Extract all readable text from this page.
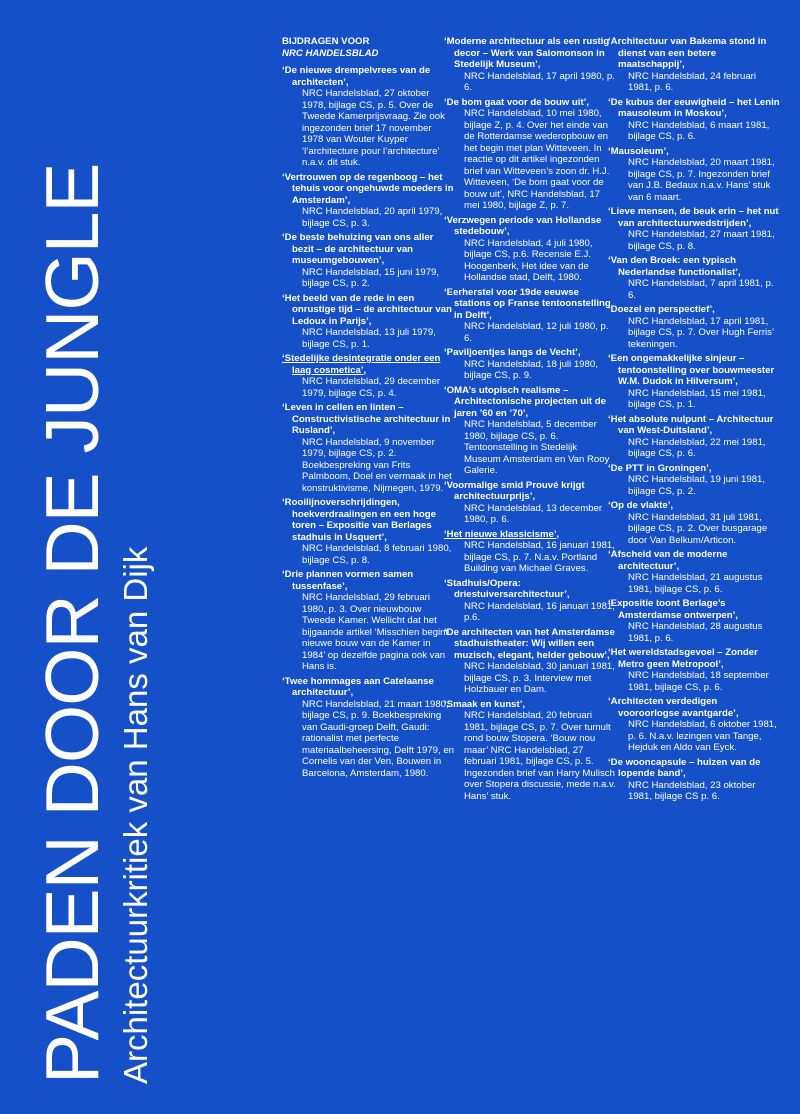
PADEN DOOR DE JUNGLE Architectuurkritiek van Hans van Dijk
BIJDRAGEN VOOR
NRC HANDELSBLAD
‘De nieuwe drempelvrees van de architecten’,
NRC Handelsblad, 27 oktober 1978, bijlage CS, p. 5. Over de Tweede Kamerprijsvraag. Zie ook ingezonden brief 17 november 1978 van Wouter Kuyper ‘l’architecture pour l’architecture’ n.a.v. dit stuk.
‘Vertrouwen op de regenboog – het tehuis voor ongehuwde moeders in Amsterdam’,
NRC Handelsblad, 20 april 1979, bijlage CS, p. 3.
‘De beste behuizing van ons aller bezit – de architectuur van museumgebouwen’,
NRC Handelsblad, 15 juni 1979, bijlage CS, p. 2.
‘Het beeld van de rede in een onrustige tijd – de architectuur van Ledoux in Parijs’,
NRC Handelsblad, 13 juli 1979, bijlage CS, p. 1.
‘Stedelijke desintegratie onder een laag cosmetica’,
NRC Handelsblad, 29 december 1979, bijlage CS, p. 4.
‘Leven in cellen en linten – Constructivistische architectuur in Rusland’,
NRC Handelsblad, 9 november 1979, bijlage CS, p. 2. Boekbespreking van Frits Palmboom, Doel en vermaak in het konstruktivisme, Nijmegen, 1979.
‘Rooilijnoverschrijdingen, hoekverdraaiingen en een hoge toren – Expositie van Berlages stadhuis in Usquert’,
NRC Handelsblad, 8 februari 1980, bijlage CS, p. 8.
‘Drie plannen vormen samen tussenfase’,
NRC Handelsblad, 29 februari 1980, p. 3. Over nieuwbouw Tweede Kamer. Wellicht dat het bijgaande artikel ‘Misschien begint nieuwe bouw van de Kamer in 1984’ op dezelfde pagina ook van Hans is.
‘Twee hommages aan Catelaanse architectuur’,
NRC Handelsblad, 21 maart 1980, bijlage CS, p. 9. Boekbespreking van Gaudi-groep Delft, Gaudi: rationalist met perfecte materiaalbeheersing, Delft 1979, en Cornelis van der Ven, Bouwen in Barcelona, Amsterdam, 1980.
‘Moderne architectuur als een rustig decor – Werk van Salomonson in Stedelijk Museum’,
NRC Handelsblad, 17 april 1980, p. 6.
‘De bom gaat voor de bouw uit’,
NRC Handelsblad, 10 mei 1980, bijlage Z, p. 4. Over het einde van de Rotterdamse wederopbouw en het begin met plan Witteveen. In reactie op dit artikel ingezonden brief van Witteveen’s zoon dr. H.J. Witteveen, ‘De bom gaat voor de bouw uit’, NRC Handelsblad, 17 mei 1980, bijlage Z, p. 7.
‘Verzwegen periode van Hollandse stedebouw’,
NRC Handelsblad, 4 juli 1980, bijlage CS, p.6. Recensie E.J. Hoogenberk, Het idee van de Hollandse stad, Delft, 1980.
‘Eerherstel voor 19de eeuwse stations op Franse tentoonstelling in Delft’,
NRC Handelsblad, 12 juli 1980, p. 6.
‘Paviljoentjes langs de Vecht’,
NRC Handelsblad, 18 juli 1980, bijlage CS, p. 9.
‘OMA’s utopisch realisme – Architectonische projecten uit de jaren ’60 en ’70’,
NRC Handelsblad, 5 december 1980, bijlage CS, p. 6. Tentoonstelling in Stedelijk Museum Amsterdam en Van Rooy Galerie.
‘Voormalige smid Prouvé krijgt architectuurprijs’,
NRC Handelsblad, 13 december 1980, p. 6.
‘Het nieuwe klassicisme’,
NRC Handelsblad, 16 januari 1981, bijlage CS, p. 7. N.a.v. Portland Building van Michael Graves.
‘Stadhuis/Opera: driestuiversarchitectuur’,
NRC Handelsblad, 16 januari 1981, p.6.
‘De architecten van het Amsterdamse stadhuistheater: Wij willen een muzisch, elegant, helder gebouw’,
NRC Handelsblad, 30 januari 1981, bijlage CS, p. 3. Interview met Holzbauer en Dam.
‘Smaak en kunst’,
NRC Handelsblad, 20 februari 1981, bijlage CS, p. 7. Over tumult rond bouw Stopera. ‘Bouw nou maar’ NRC Handelsblad, 27 februari 1981, bijlage CS, p. 5. Ingezonden brief van Harry Mulisch over Stopera discussie, mede n.a.v. Hans’ stuk.
‘Architectuur van Bakema stond in dienst van een betere maatschappij’,
NRC Handelsblad, 24 februari 1981, p. 6.
‘De kubus der eeuwigheid – het Lenin mausoleum in Moskou’,
NRC Handelsblad, 6 maart 1981, bijlage CS, p. 6.
‘Mausoleum’,
NRC Handelsblad, 20 maart 1981, bijlage CS, p. 7. Ingezonden brief van J.B. Bedaux n.a.v. Hans’ stuk van 6 maart.
‘Lieve mensen, de beuk erin – het nut van architectuurwedstrijden’,
NRC Handelsblad, 27 maart 1981, bijlage CS, p. 8.
‘Van den Broek: een typisch Nederlandse functionalist’,
NRC Handelsblad, 7 april 1981, p. 6.
‘Doezel en perspectief’,
NRC Handelsblad, 17 april 1981, bijlage CS, p. 7. Over Hugh Ferris’ tekeningen.
‘Een ongemakkelijke sinjeur – tentoonstelling over bouwmeester W.M. Dudok in Hilversum’,
NRC Handelsblad, 15 mei 1981, bijlage CS, p. 1.
‘Het absolute nulpunt – Architectuur van West-Duitsland’,
NRC Handelsblad, 22 mei 1981, bijlage CS, p. 6.
‘De PTT in Groningen’,
NRC Handelsblad, 19 juni 1981, bijlage CS, p. 2.
‘Op de vlakte’,
NRC Handelsblad, 31 juli 1981, bijlage CS, p. 2. Over busgarage door Van Belkum/Articon.
‘Afscheid van de moderne architectuur’,
NRC Handelsblad, 21 augustus 1981, bijlage CS, p. 6.
‘Expositie toont Berlage’s Amsterdamse ontwerpen’,
NRC Handelsblad, 28 augustus 1981, p. 6.
‘Het wereldstadsgevoel – Zonder Metro geen Metropool’,
NRC Handelsblad, 18 september 1981, bijlage CS, p. 6.
‘Architecten verdedigen vooroorlogse avantgarde’,
NRC Handelsblad, 6 oktober 1981, p. 6. N.a.v. lezingen van Tange, Hejduk en Aldo van Eyck.
‘De wooncapsule – huizen van de lopende band’,
NRC Handelsblad, 23 oktober 1981, bijlage CS p. 6.
